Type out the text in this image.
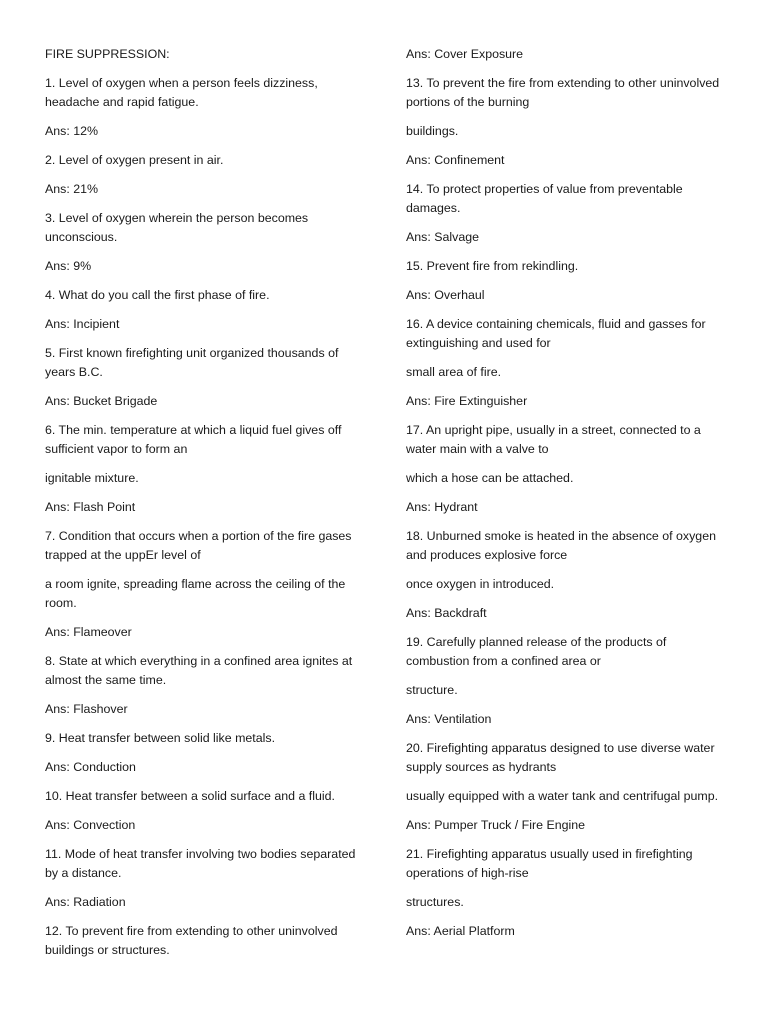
FIRE SUPPRESSION:

1. Level of oxygen when a person feels dizziness, headache and rapid fatigue.

Ans: 12%

2. Level of oxygen present in air.

Ans: 21%

3. Level of oxygen wherein the person becomes unconscious.

Ans: 9%

4. What do you call the first phase of fire.

Ans: Incipient

5. First known firefighting unit organized thousands of years B.C.

Ans: Bucket Brigade

6. The min. temperature at which a liquid fuel gives off sufficient vapor to form an

ignitable mixture.

Ans: Flash Point

7. Condition that occurs when a portion of the fire gases trapped at the uppEr level of

a room ignite, spreading flame across the ceiling of the room.

Ans: Flameover

8. State at which everything in a confined area ignites at almost the same time.

Ans: Flashover

9. Heat transfer between solid like metals.

Ans: Conduction

10. Heat transfer between a solid surface and a fluid.

Ans: Convection

11. Mode of heat transfer involving two bodies separated by a distance.

Ans: Radiation

12. To prevent fire from extending to other uninvolved buildings or structures.

Ans: Cover Exposure

13. To prevent the fire from extending to other uninvolved portions of the burning

buildings.

Ans: Confinement

14. To protect properties of value from preventable damages.

Ans: Salvage

15. Prevent fire from rekindling.

Ans: Overhaul

16. A device containing chemicals, fluid and gasses for extinguishing and used for

small area of fire.

Ans: Fire Extinguisher

17. An upright pipe, usually in a street, connected to a water main with a valve to

which a hose can be attached.

Ans: Hydrant

18. Unburned smoke is heated in the absence of oxygen and produces explosive force

once oxygen in introduced.

Ans: Backdraft

19. Carefully planned release of the products of combustion from a confined area or

structure.

Ans: Ventilation

20. Firefighting apparatus designed to use diverse water supply sources as hydrants

usually equipped with a water tank and centrifugal pump.

Ans: Pumper Truck / Fire Engine

21. Firefighting apparatus usually used in firefighting operations of high-rise

structures.

Ans: Aerial Platform
